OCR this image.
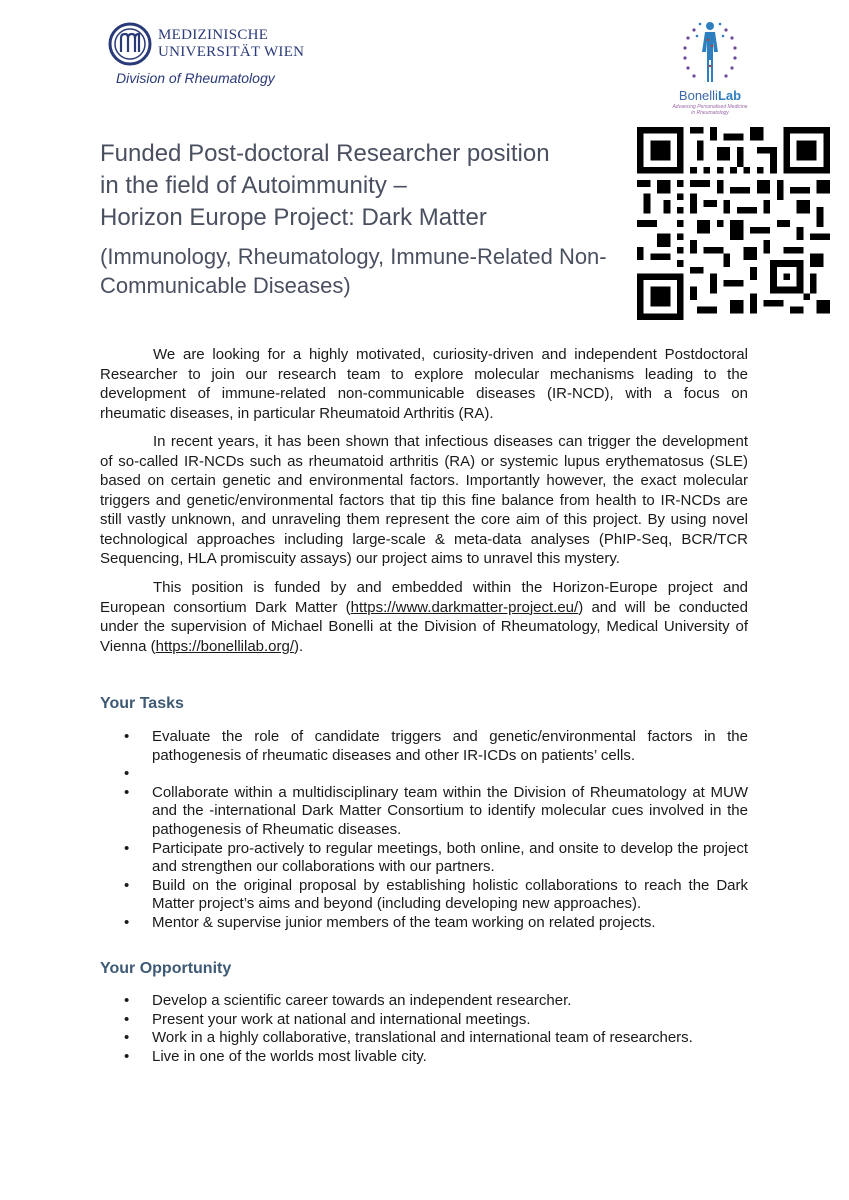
MEDIZINISCHE
UNIVERSITÄT WIEN
Division of Rheumatology
BonelliLab
Advancing Personalised Medicine
in Rheumatology
Funded Post-doctoral Researcher position
in the field of Autoimmunity –
Horizon Europe Project: Dark Matter
(Immunology, Rheumatology, Immune-Related Non-Communicable Diseases)

We are looking for a highly motivated, curiosity-driven and independent Postdoctoral Researcher to join our research team to explore molecular mechanisms leading to the development of immune-related non-communicable diseases (IR-NCD), with a focus on rheumatic diseases, in particular Rheumatoid Arthritis (RA).

In recent years, it has been shown that infectious diseases can trigger the development of so-called IR-NCDs such as rheumatoid arthritis (RA) or systemic lupus erythematosus (SLE) based on certain genetic and environmental factors. Importantly however, the exact molecular triggers and genetic/environmental factors that tip this fine balance from health to IR-NCDs are still vastly unknown, and unraveling them represent the core aim of this project. By using novel technological approaches including large-scale & meta-data analyses (PhIP-Seq, BCR/TCR Sequencing, HLA promiscuity assays) our project aims to unravel this mystery.

This position is funded by and embedded within the Horizon-Europe project and European consortium Dark Matter (https://www.darkmatter-project.eu/) and will be conducted under the supervision of Michael Bonelli at the Division of Rheumatology, Medical University of Vienna (https://bonellilab.org/).

Your Tasks
• Evaluate the role of candidate triggers and genetic/environmental factors in the pathogenesis of rheumatic diseases and other IR-ICDs on patients’ cells.
•

• Collaborate within a multidisciplinary team within the Division of Rheumatology at MUW and the -international Dark Matter Consortium to identify molecular cues involved in the pathogenesis of Rheumatic diseases.
• Participate pro-actively to regular meetings, both online, and onsite to develop the project and strengthen our collaborations with our partners.
• Build on the original proposal by establishing holistic collaborations to reach the Dark Matter project’s aims and beyond (including developing new approaches).
• Mentor & supervise junior members of the team working on related projects.
Your Opportunity
• Develop a scientific career towards an independent researcher.
• Present your work at national and international meetings.
• Work in a highly collaborative, translational and international team of researchers.
• Live in one of the worlds most livable city.
